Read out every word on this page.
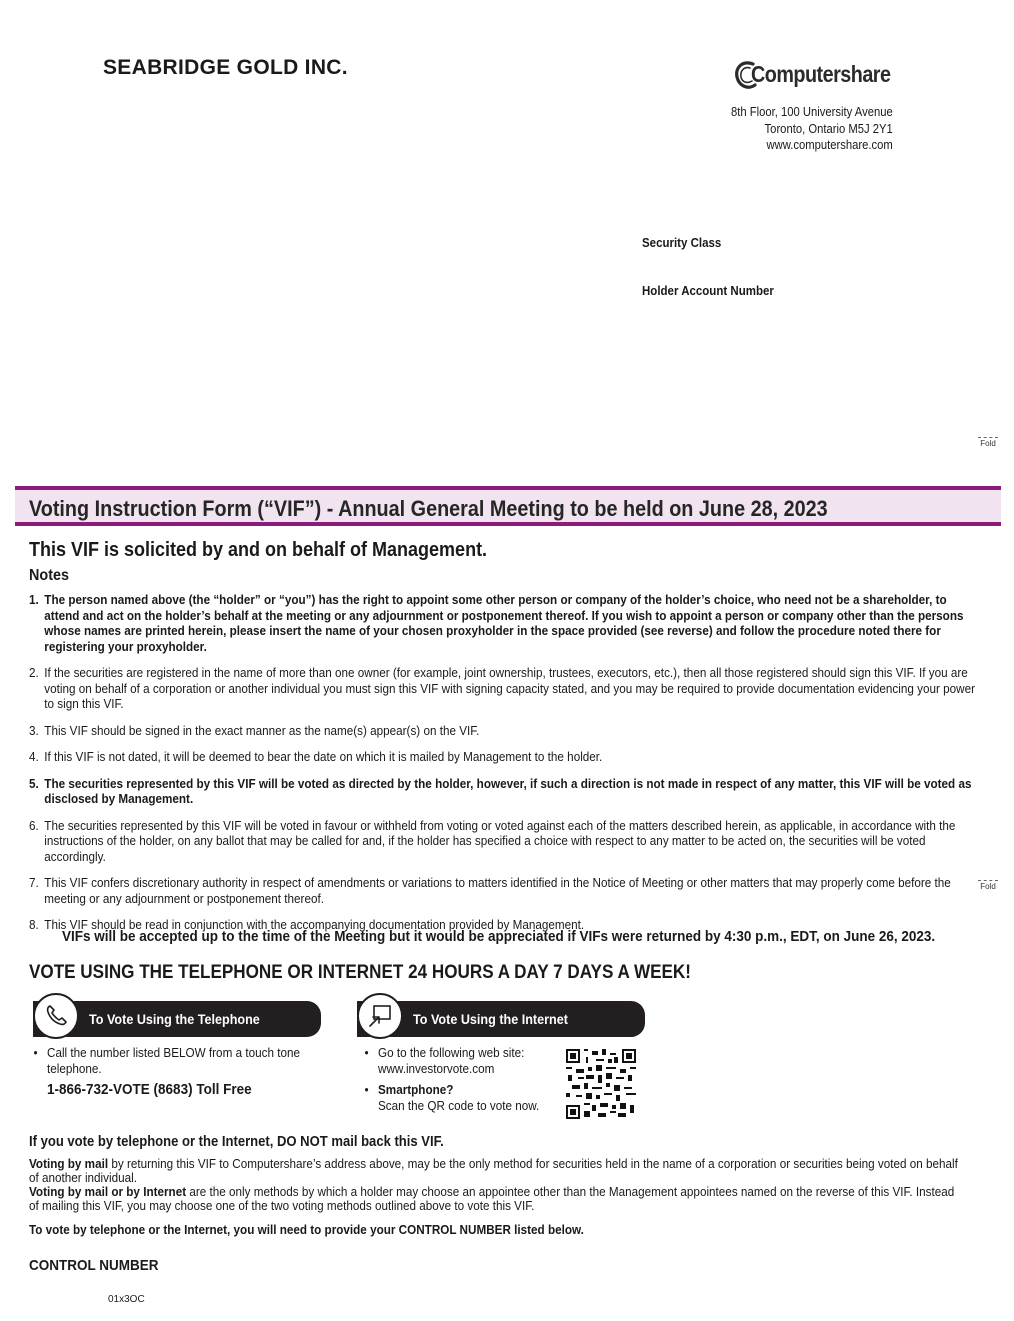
SEABRIDGE GOLD INC.	Computershare
8th Floor, 100 University Avenue
Toronto, Ontario M5J 2Y1
www.computershare.com
Security Class
Holder Account Number
Fold
Fold
Voting Instruction Form (“VIF”) - Annual General Meeting to be held on June 28, 2023
This VIF is solicited by and on behalf of Management.
Notes
1. The person named above (the “holder” or “you”) has the right to appoint some other person or company of the holder’s choice, who need not be a shareholder, to attend and act on the holder’s behalf at the meeting or any adjournment or postponement thereof. If you wish to appoint a person or company other than the persons whose names are printed herein, please insert the name of your chosen proxyholder in the space provided (see reverse) and follow the procedure noted there for registering your proxyholder.
2. If the securities are registered in the name of more than one owner (for example, joint ownership, trustees, executors, etc.), then all those registered should sign this VIF. If you are voting on behalf of a corporation or another individual you must sign this VIF with signing capacity stated, and you may be required to provide documentation evidencing your power to sign this VIF.
3. This VIF should be signed in the exact manner as the name(s) appear(s) on the VIF.
4. If this VIF is not dated, it will be deemed to bear the date on which it is mailed by Management to the holder.
5. The securities represented by this VIF will be voted as directed by the holder, however, if such a direction is not made in respect of any matter, this VIF will be voted as disclosed by Management.
6. The securities represented by this VIF will be voted in favour or withheld from voting or voted against each of the matters described herein, as applicable, in accordance with the instructions of the holder, on any ballot that may be called for and, if the holder has specified a choice with respect to any matter to be acted on, the securities will be voted accordingly.
7. This VIF confers discretionary authority in respect of amendments or variations to matters identified in the Notice of Meeting or other matters that may properly come before the meeting or any adjournment or postponement thereof.
8. This VIF should be read in conjunction with the accompanying documentation provided by Management.
VIFs will be accepted up to the time of the Meeting but it would be appreciated if VIFs were returned by 4:30 p.m., EDT, on June 26, 2023.
VOTE USING THE TELEPHONE OR INTERNET 24 HOURS A DAY 7 DAYS A WEEK!
To Vote Using the Telephone	To Vote Using the Internet
• Call the number listed BELOW from a touch tone telephone.
1-866-732-VOTE (8683) Toll Free
• Go to the following web site:
www.investorvote.com
• Smartphone?
Scan the QR code to vote now.
If you vote by telephone or the Internet, DO NOT mail back this VIF.
Voting by mail by returning this VIF to Computershare’s address above, may be the only method for securities held in the name of a corporation or securities being voted on behalf of another individual.
Voting by mail or by Internet are the only methods by which a holder may choose an appointee other than the Management appointees named on the reverse of this VIF. Instead of mailing this VIF, you may choose one of the two voting methods outlined above to vote this VIF.
To vote by telephone or the Internet, you will need to provide your CONTROL NUMBER listed below.
CONTROL NUMBER
01x3OC
